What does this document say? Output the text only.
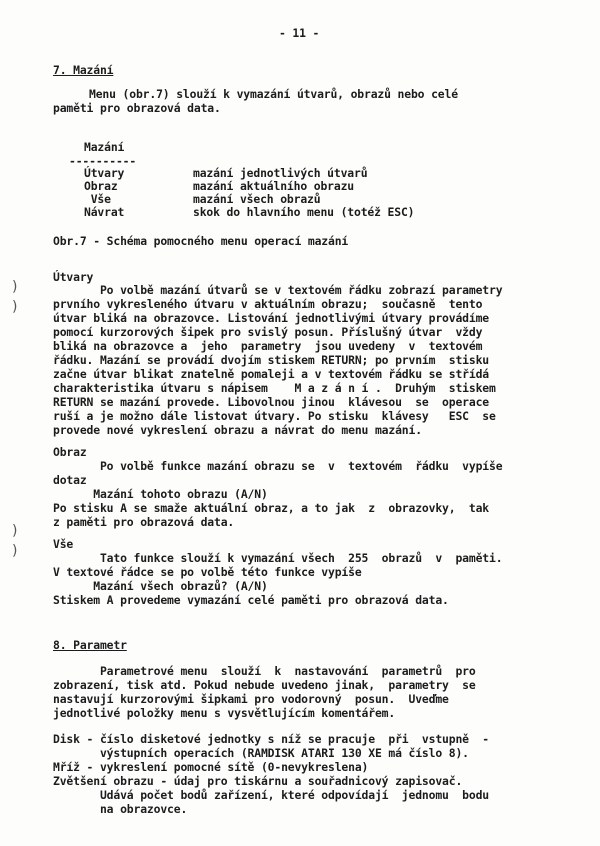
- 11 -
7. Mazání
Menu (obr.7) slouží k vymazání útvarů, obrazů nebo celé
paměti pro obrazová data.
Mazání
----------
Útvary	mazání jednotlivých útvarů
Obraz	mazání aktuálního obrazu
Vše	mazání všech obrazů
Návrat	skok do hlavního menu (totéž ESC)
Obr.7 - Schéma pomocného menu operací mazání
Útvary
Po volbě mazání útvarů se v textovém řádku zobrazí parametry
prvního vykresleného útvaru v aktuálním obrazu;  současně  tento
útvar bliká na obrazovce. Listování jednotlivými útvary provádíme
pomocí kurzorových šipek pro svislý posun. Příslušný útvar  vždy
bliká na obrazovce a  jeho  parametry  jsou uvedeny  v  textovém
řádku. Mazání se provádí dvojím stiskem RETURN; po prvním  stisku
začne útvar blikat znatelně pomaleji a v textovém řádku se střídá
charakteristika útvaru s nápisem    M a z á n í .  Druhým  stiskem
RETURN se mazání provede. Libovolnou jinou  klávesou  se  operace
ruší a je možno dále listovat útvary. Po stisku  klávesy   ESC  se
provede nové vykreslení obrazu a návrat do menu mazání.
Obraz
Po volbě funkce mazání obrazu se  v  textovém  řádku  vypíše
dotaz
Mazání tohoto obrazu (A/N)
Po stisku A se smaže aktuální obraz, a to jak  z  obrazovky,  tak
z paměti pro obrazová data.
Vše
Tato funkce slouží k vymazání všech  255  obrazů  v  paměti.
V textové řádce se po volbě této funkce vypíše
Mazání všech obrazů? (A/N)
Stiskem A provedeme vymazání celé paměti pro obrazová data.
8. Parametr
Parametrové menu  slouží  k  nastavování  parametrů  pro
zobrazení, tisk atd. Pokud nebude uvedeno jinak,  parametry  se
nastavují kurzorovými šipkami pro vodorovný  posun.  Uveďme
jednotlivé položky menu s vysvětlujícím komentářem.
Disk - číslo disketové jednotky s níž se pracuje  při  vstupně  -
výstupních operacích (RAMDISK ATARI 130 XE má číslo 8).
Mříž - vykreslení pomocné sítě (0-nevykreslena)
Zvětšení obrazu - údaj pro tiskárnu a souřadnicový zapisovač.
Udává počet bodů zařízení, které odpovídají  jednomu  bodu
na obrazovce.
)
)
)
)
